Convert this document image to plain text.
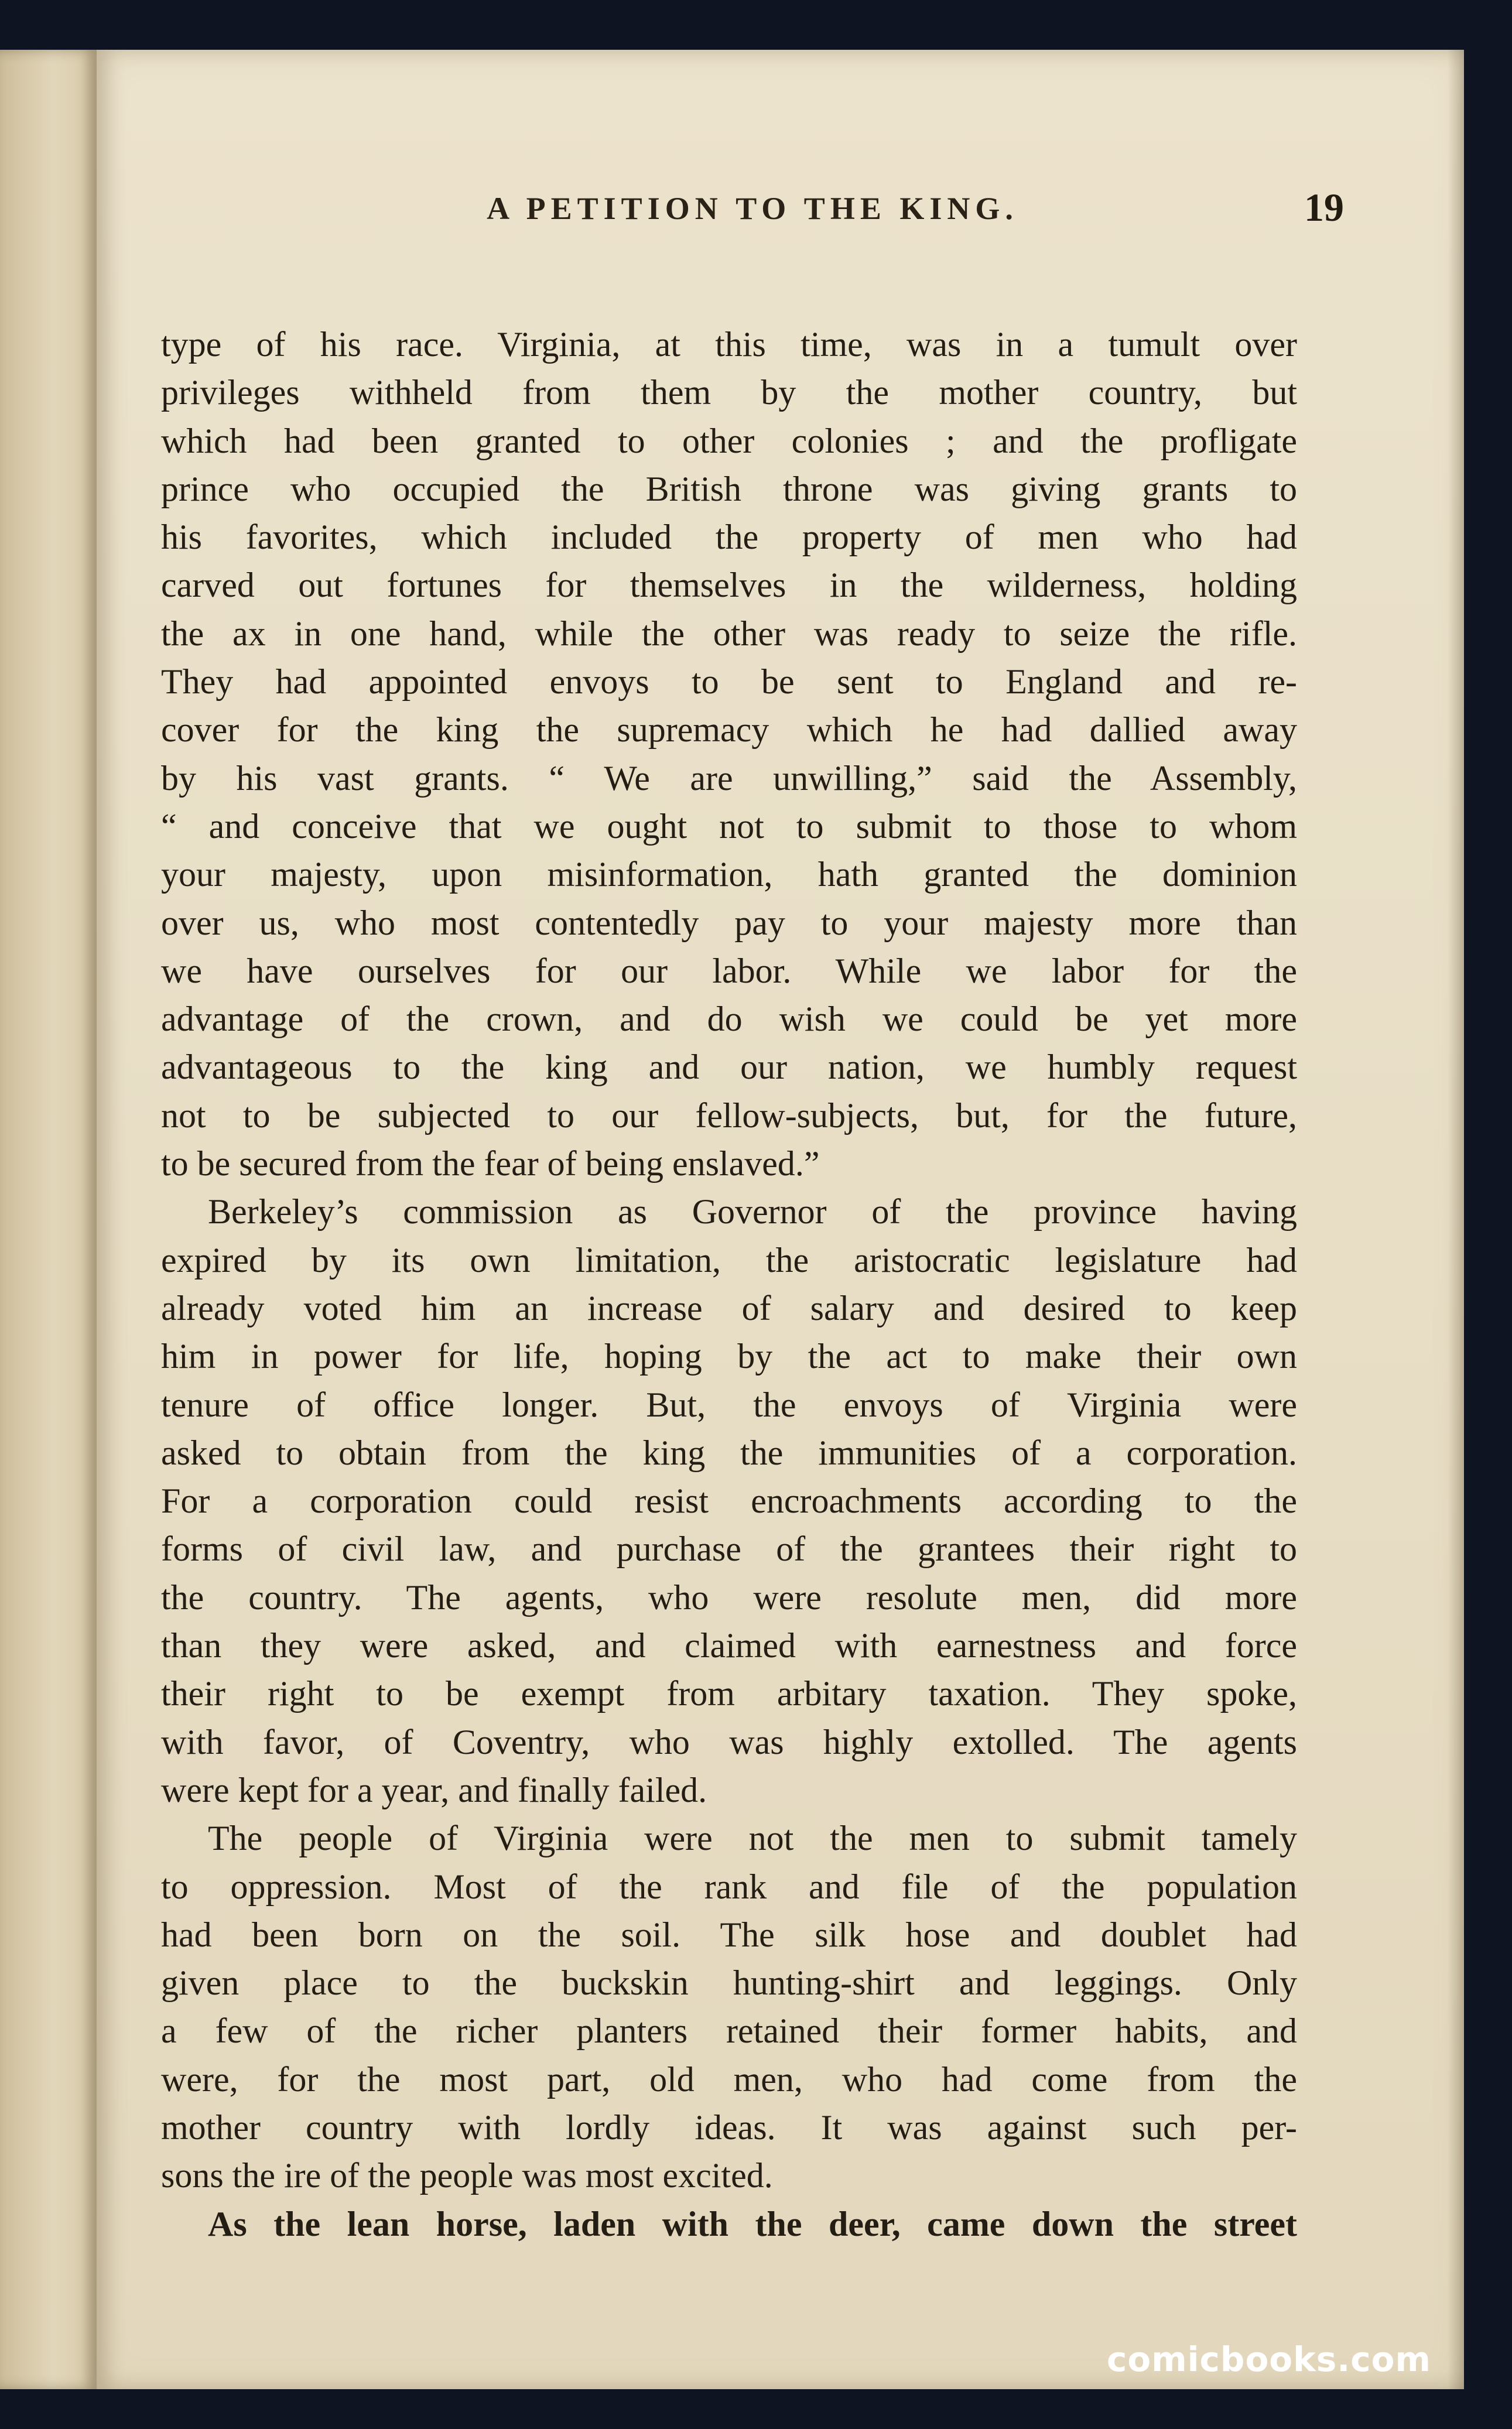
A PETITION TO THE KING.	19
type of his race. Virginia, at this time, was in a tumult over
privileges withheld from them by the mother country, but
which had been granted to other colonies ; and the profligate
prince who occupied the British throne was giving grants to
his favorites, which included the property of men who had
carved out fortunes for themselves in the wilderness, holding
the ax in one hand, while the other was ready to seize the rifle.
They had appointed envoys to be sent to England and re-
cover for the king the supremacy which he had dallied away
by his vast grants. “ We are unwilling,” said the Assembly,
“ and conceive that we ought not to submit to those to whom
your majesty, upon misinformation, hath granted the dominion
over us, who most contentedly pay to your majesty more than
we have ourselves for our labor. While we labor for the
advantage of the crown, and do wish we could be yet more
advantageous to the king and our nation, we humbly request
not to be subjected to our fellow-subjects, but, for the future,
to be secured from the fear of being enslaved.”
Berkeley’s commission as Governor of the province having
expired by its own limitation, the aristocratic legislature had
already voted him an increase of salary and desired to keep
him in power for life, hoping by the act to make their own
tenure of office longer. But, the envoys of Virginia were
asked to obtain from the king the immunities of a corporation.
For a corporation could resist encroachments according to the
forms of civil law, and purchase of the grantees their right to
the country. The agents, who were resolute men, did more
than they were asked, and claimed with earnestness and force
their right to be exempt from arbitary taxation. They spoke,
with favor, of Coventry, who was highly extolled. The agents
were kept for a year, and finally failed.
The people of Virginia were not the men to submit tamely
to oppression. Most of the rank and file of the population
had been born on the soil. The silk hose and doublet had
given place to the buckskin hunting-shirt and leggings. Only
a few of the richer planters retained their former habits, and
were, for the most part, old men, who had come from the
mother country with lordly ideas. It was against such per-
sons the ire of the people was most excited.
As the lean horse, laden with the deer, came down the street
comicbooks.com
